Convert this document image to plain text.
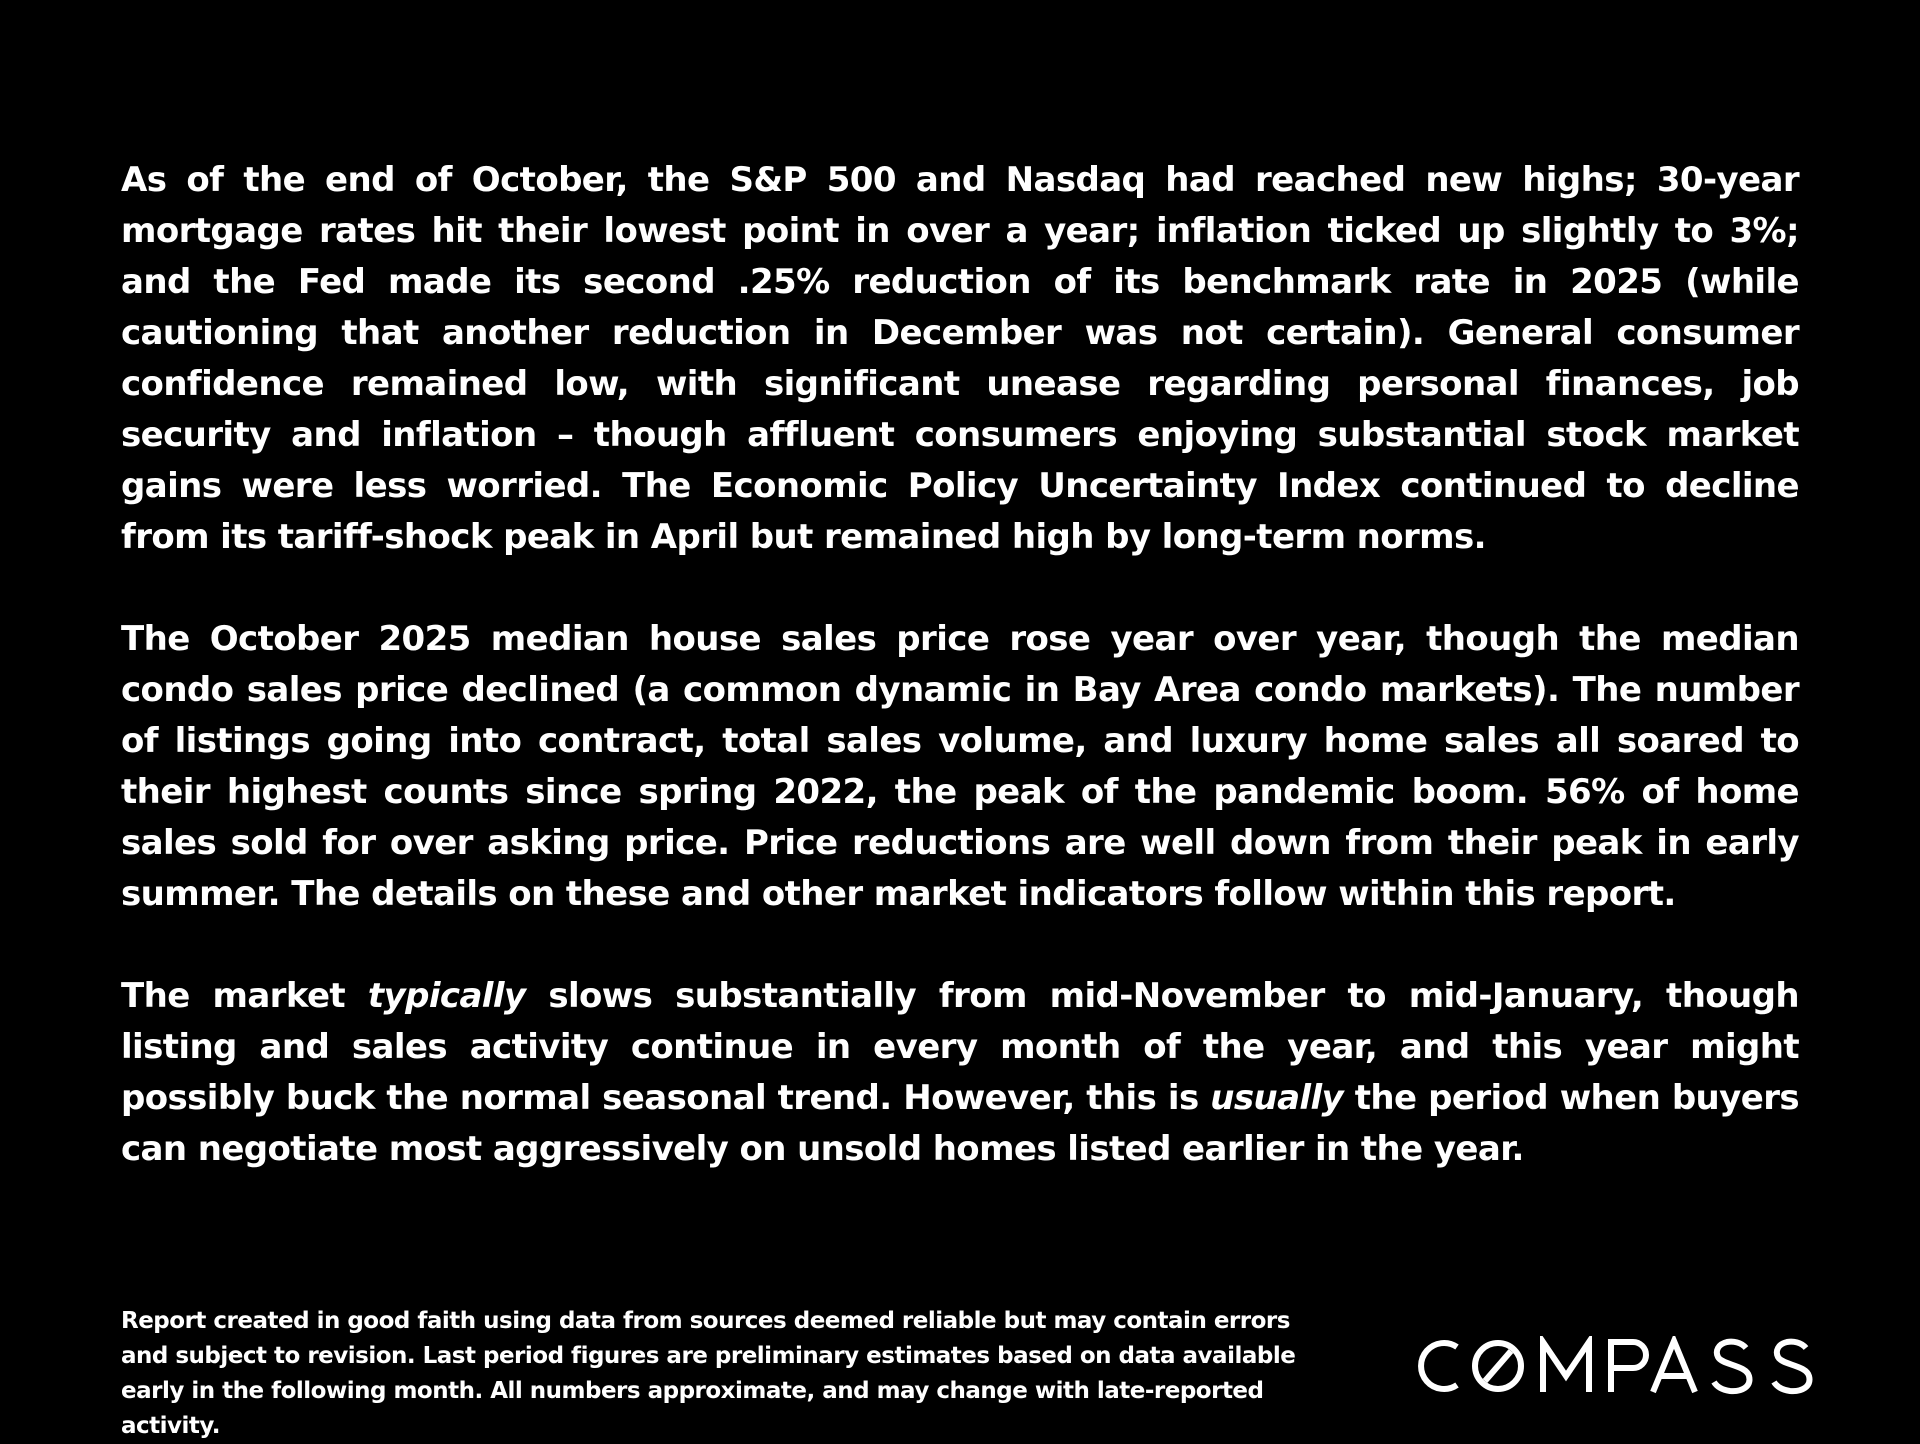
As of the end of October, the S&P 500 and Nasdaq had reached new highs; 30-year mortgage rates hit their lowest point in over a year; inflation ticked up slightly to 3%; and the Fed made its second .25% reduction of its benchmark rate in 2025 (while cautioning that another reduction in December was not certain). General consumer confidence remained low, with significant unease regarding personal finances, job security and inflation – though affluent consumers enjoying substantial stock market gains were less worried. The Economic Policy Uncertainty Index continued to decline from its tariff-shock peak in April but remained high by long-term norms.

The October 2025 median house sales price rose year over year, though the median condo sales price declined (a common dynamic in Bay Area condo markets). The number of listings going into contract, total sales volume, and luxury home sales all soared to their highest counts since spring 2022, the peak of the pandemic boom. 56% of home sales sold for over asking price. Price reductions are well down from their peak in early summer. The details on these and other market indicators follow within this report.

The market typically slows substantially from mid-November to mid-January, though listing and sales activity continue in every month of the year, and this year might possibly buck the normal seasonal trend. However, this is usually the period when buyers can negotiate most aggressively on unsold homes listed earlier in the year.

Report created in good faith using data from sources deemed reliable but may contain errors and subject to revision. Last period figures are preliminary estimates based on data available early in the following month. All numbers approximate, and may change with late-reported activity.
